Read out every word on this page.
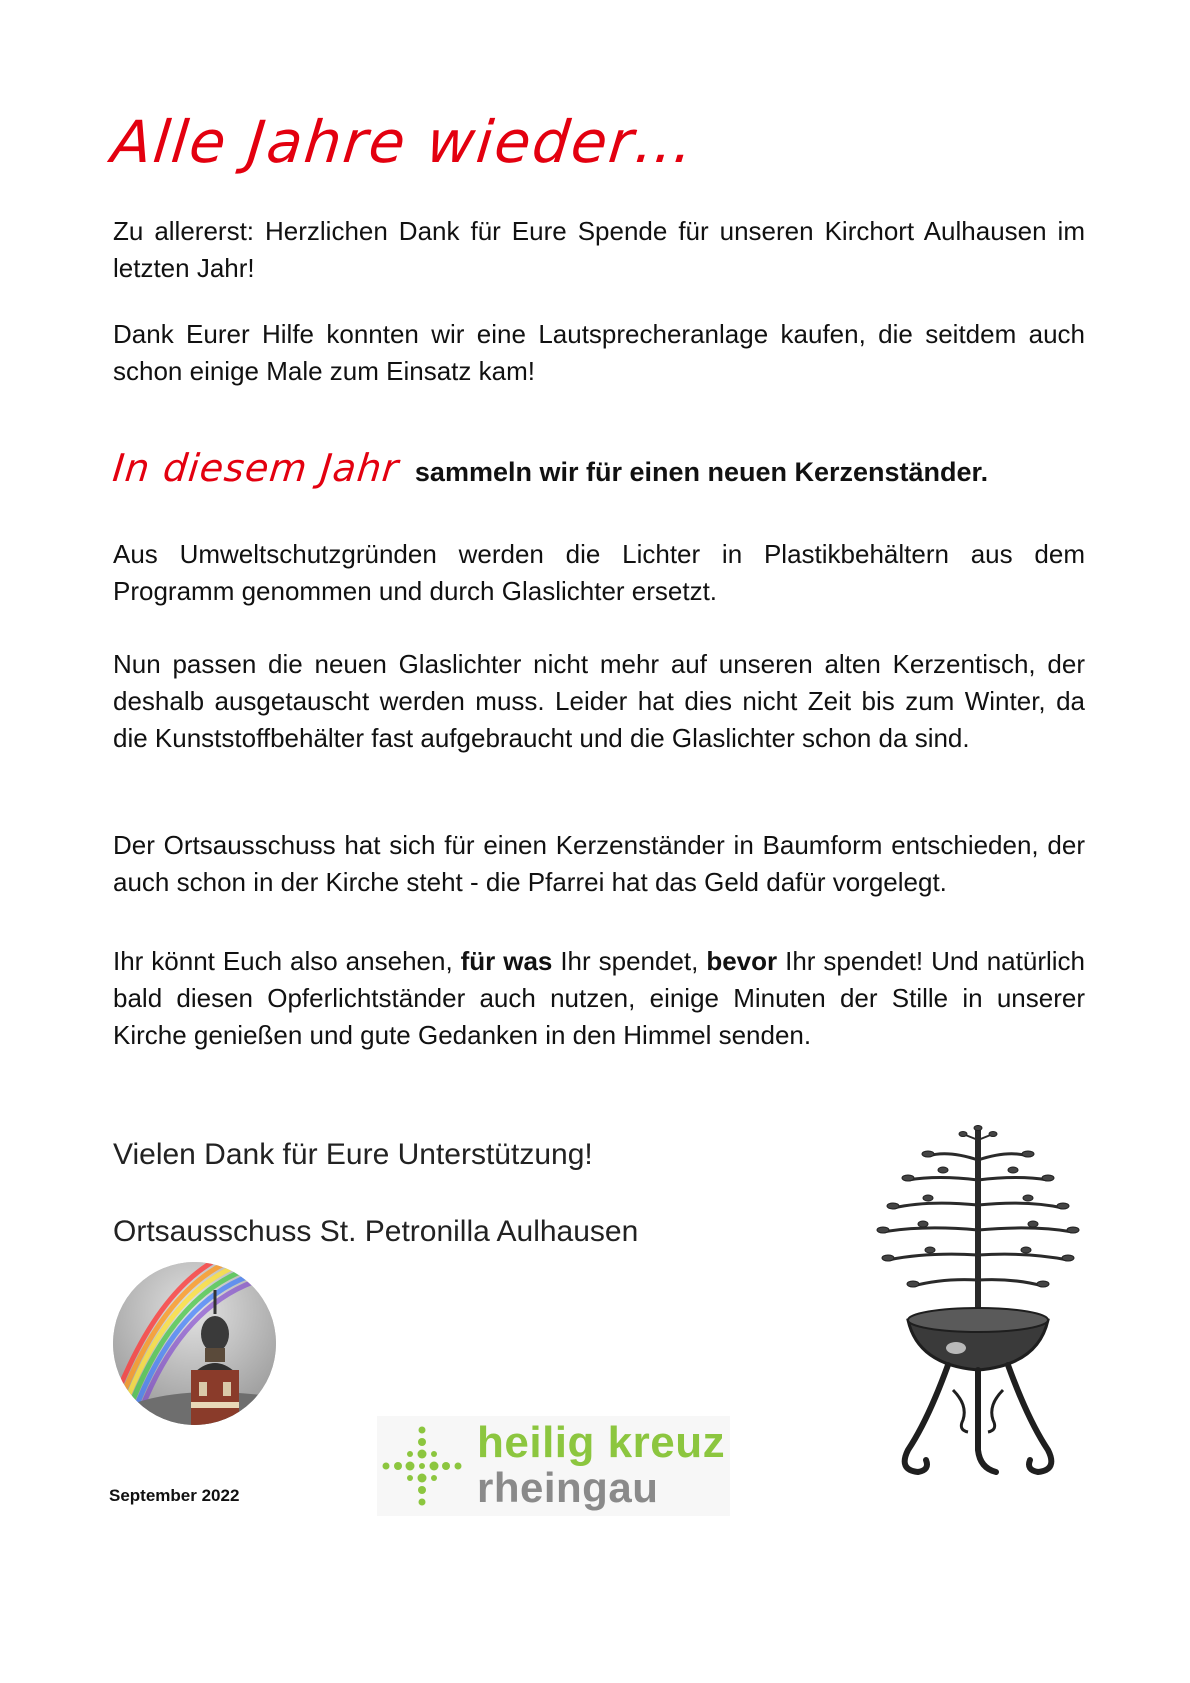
Alle Jahre wieder…
Zu allererst: Herzlichen Dank für Eure Spende für unseren Kirchort Aulhausen im letzten Jahr!
Dank Eurer Hilfe konnten wir eine Lautsprecheranlage kaufen, die seitdem auch schon einige Male zum Einsatz kam!
In diesem Jahr sammeln wir für einen neuen Kerzenständer.
Aus Umweltschutzgründen werden die Lichter in Plastikbehältern aus dem Programm genommen und durch Glaslichter ersetzt.
Nun passen die neuen Glaslichter nicht mehr auf unseren alten Kerzentisch, der deshalb ausgetauscht werden muss. Leider hat dies nicht Zeit bis zum Winter, da die Kunststoffbehälter fast aufgebraucht und die Glaslichter schon da sind.
Der Ortsausschuss hat sich für einen Kerzenständer in Baumform entschieden, der auch schon in der Kirche steht - die Pfarrei hat das Geld dafür vorgelegt.
Ihr könnt Euch also ansehen, für was Ihr spendet, bevor Ihr spendet! Und natürlich bald diesen Opferlichtständer auch nutzen, einige Minuten der Stille in unserer Kirche genießen und gute Gedanken in den Himmel senden.
Vielen Dank für Eure Unterstützung!
Ortsausschuss St. Petronilla Aulhausen
September 2022
heilig kreuz
rheingau
